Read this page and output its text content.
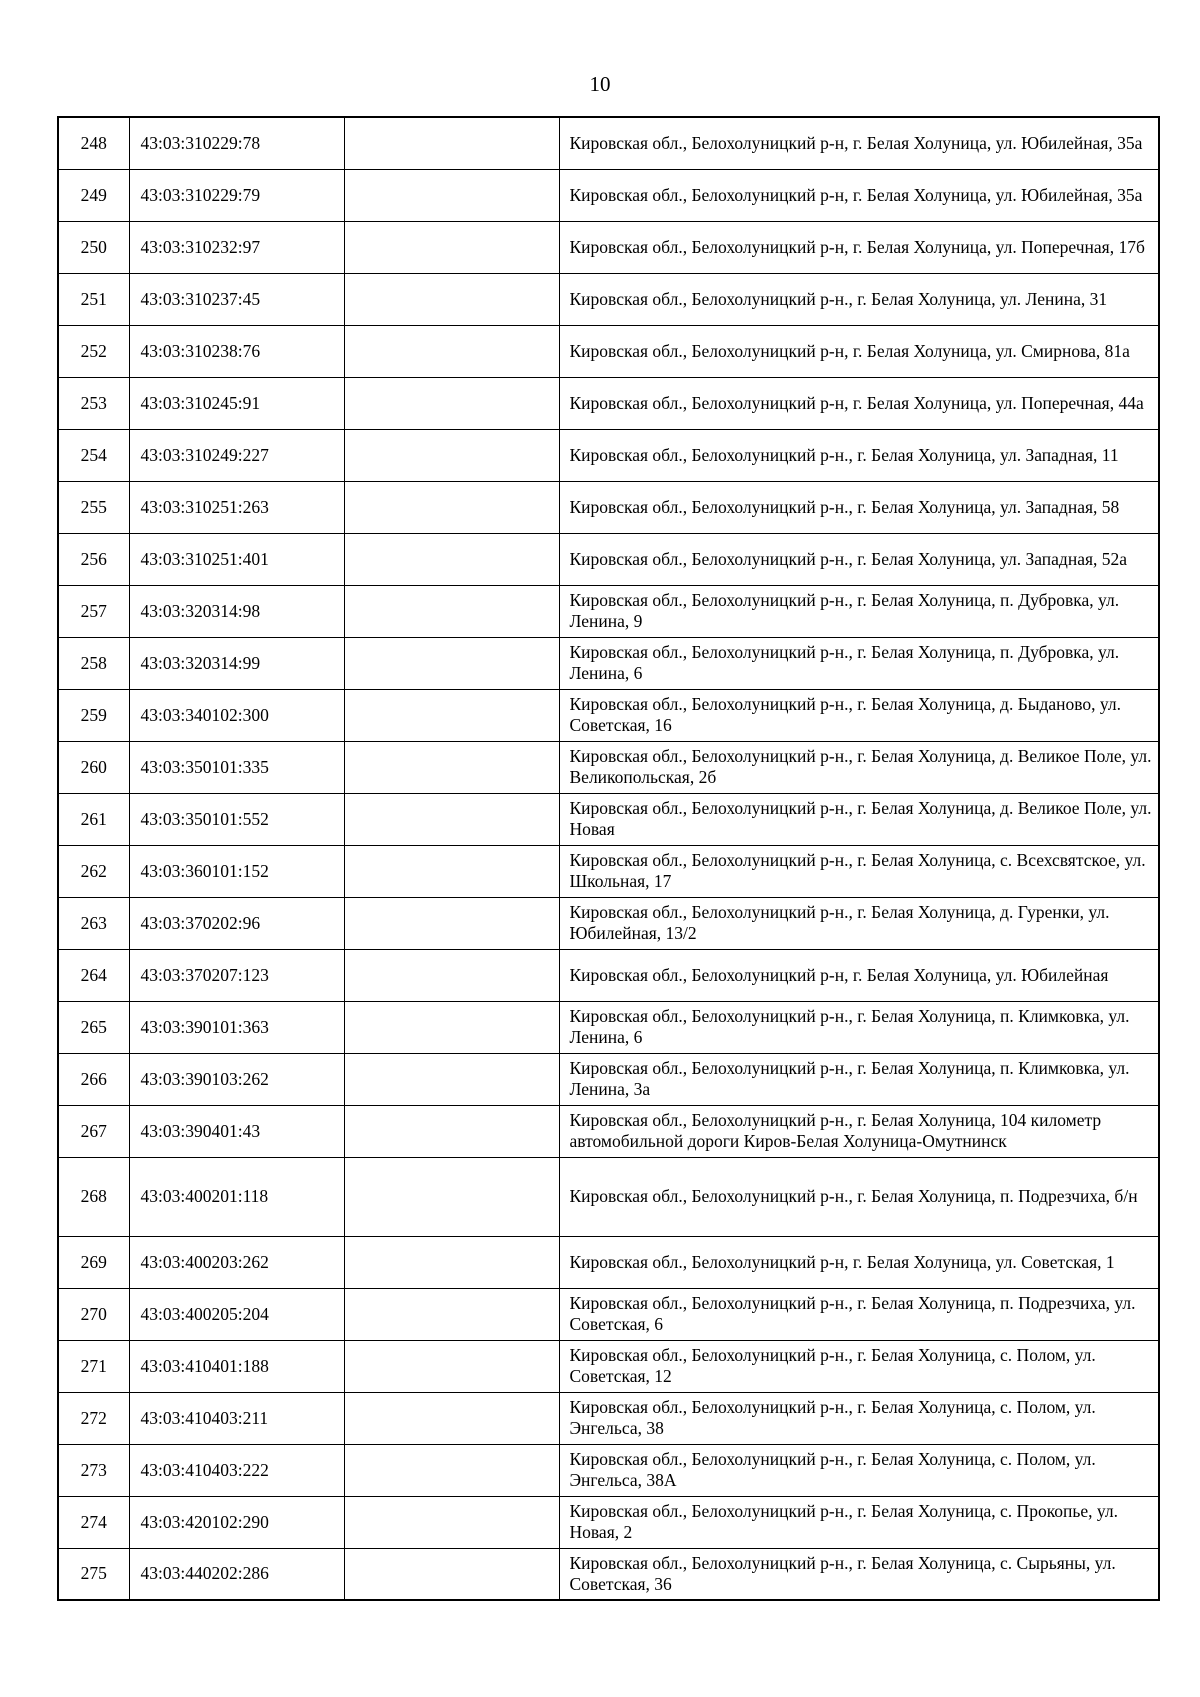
10
248	43:03:310229:78		Кировская обл., Белохолуницкий р-н, г. Белая Холуница, ул. Юбилейная, 35а
249	43:03:310229:79		Кировская обл., Белохолуницкий р-н, г. Белая Холуница, ул. Юбилейная, 35а
250	43:03:310232:97		Кировская обл., Белохолуницкий р-н, г. Белая Холуница, ул. Поперечная, 17б
251	43:03:310237:45		Кировская обл., Белохолуницкий р-н., г. Белая Холуница, ул. Ленина, 31
252	43:03:310238:76		Кировская обл., Белохолуницкий р-н, г. Белая Холуница, ул. Смирнова, 81а
253	43:03:310245:91		Кировская обл., Белохолуницкий р-н, г. Белая Холуница, ул. Поперечная, 44а
254	43:03:310249:227		Кировская обл., Белохолуницкий р-н., г. Белая Холуница, ул. Западная, 11
255	43:03:310251:263		Кировская обл., Белохолуницкий р-н., г. Белая Холуница, ул. Западная, 58
256	43:03:310251:401		Кировская обл., Белохолуницкий р-н., г. Белая Холуница, ул. Западная, 52а
257	43:03:320314:98		Кировская обл., Белохолуницкий р-н., г. Белая Холуница, п. Дубровка, ул. Ленина, 9
258	43:03:320314:99		Кировская обл., Белохолуницкий р-н., г. Белая Холуница, п. Дубровка, ул. Ленина, 6
259	43:03:340102:300		Кировская обл., Белохолуницкий р-н., г. Белая Холуница, д. Быданово, ул. Советская, 16
260	43:03:350101:335		Кировская обл., Белохолуницкий р-н., г. Белая Холуница, д. Великое Поле, ул. Великопольская, 2б
261	43:03:350101:552		Кировская обл., Белохолуницкий р-н., г. Белая Холуница, д. Великое Поле, ул. Новая
262	43:03:360101:152		Кировская обл., Белохолуницкий р-н., г. Белая Холуница, с. Всехсвятское, ул. Школьная, 17
263	43:03:370202:96		Кировская обл., Белохолуницкий р-н., г. Белая Холуница, д. Гуренки, ул. Юбилейная, 13/2
264	43:03:370207:123		Кировская обл., Белохолуницкий р-н, г. Белая Холуница, ул. Юбилейная
265	43:03:390101:363		Кировская обл., Белохолуницкий р-н., г. Белая Холуница, п. Климковка, ул. Ленина, 6
266	43:03:390103:262		Кировская обл., Белохолуницкий р-н., г. Белая Холуница, п. Климковка, ул. Ленина, 3а
267	43:03:390401:43		Кировская обл., Белохолуницкий р-н., г. Белая Холуница, 104 километр автомобильной дороги Киров-Белая Холуница-Омутнинск
268	43:03:400201:118		Кировская обл., Белохолуницкий р-н., г. Белая Холуница, п. Подрезчиха, б/н
269	43:03:400203:262		Кировская обл., Белохолуницкий р-н, г. Белая Холуница, ул. Советская, 1
270	43:03:400205:204		Кировская обл., Белохолуницкий р-н., г. Белая Холуница, п. Подрезчиха, ул. Советская, 6
271	43:03:410401:188		Кировская обл., Белохолуницкий р-н., г. Белая Холуница, с. Полом, ул. Советская, 12
272	43:03:410403:211		Кировская обл., Белохолуницкий р-н., г. Белая Холуница, с. Полом, ул. Энгельса, 38
273	43:03:410403:222		Кировская обл., Белохолуницкий р-н., г. Белая Холуница, с. Полом, ул. Энгельса, 38А
274	43:03:420102:290		Кировская обл., Белохолуницкий р-н., г. Белая Холуница, с. Прокопье, ул. Новая, 2
275	43:03:440202:286		Кировская обл., Белохолуницкий р-н., г. Белая Холуница, с. Сырьяны, ул. Советская, 36
